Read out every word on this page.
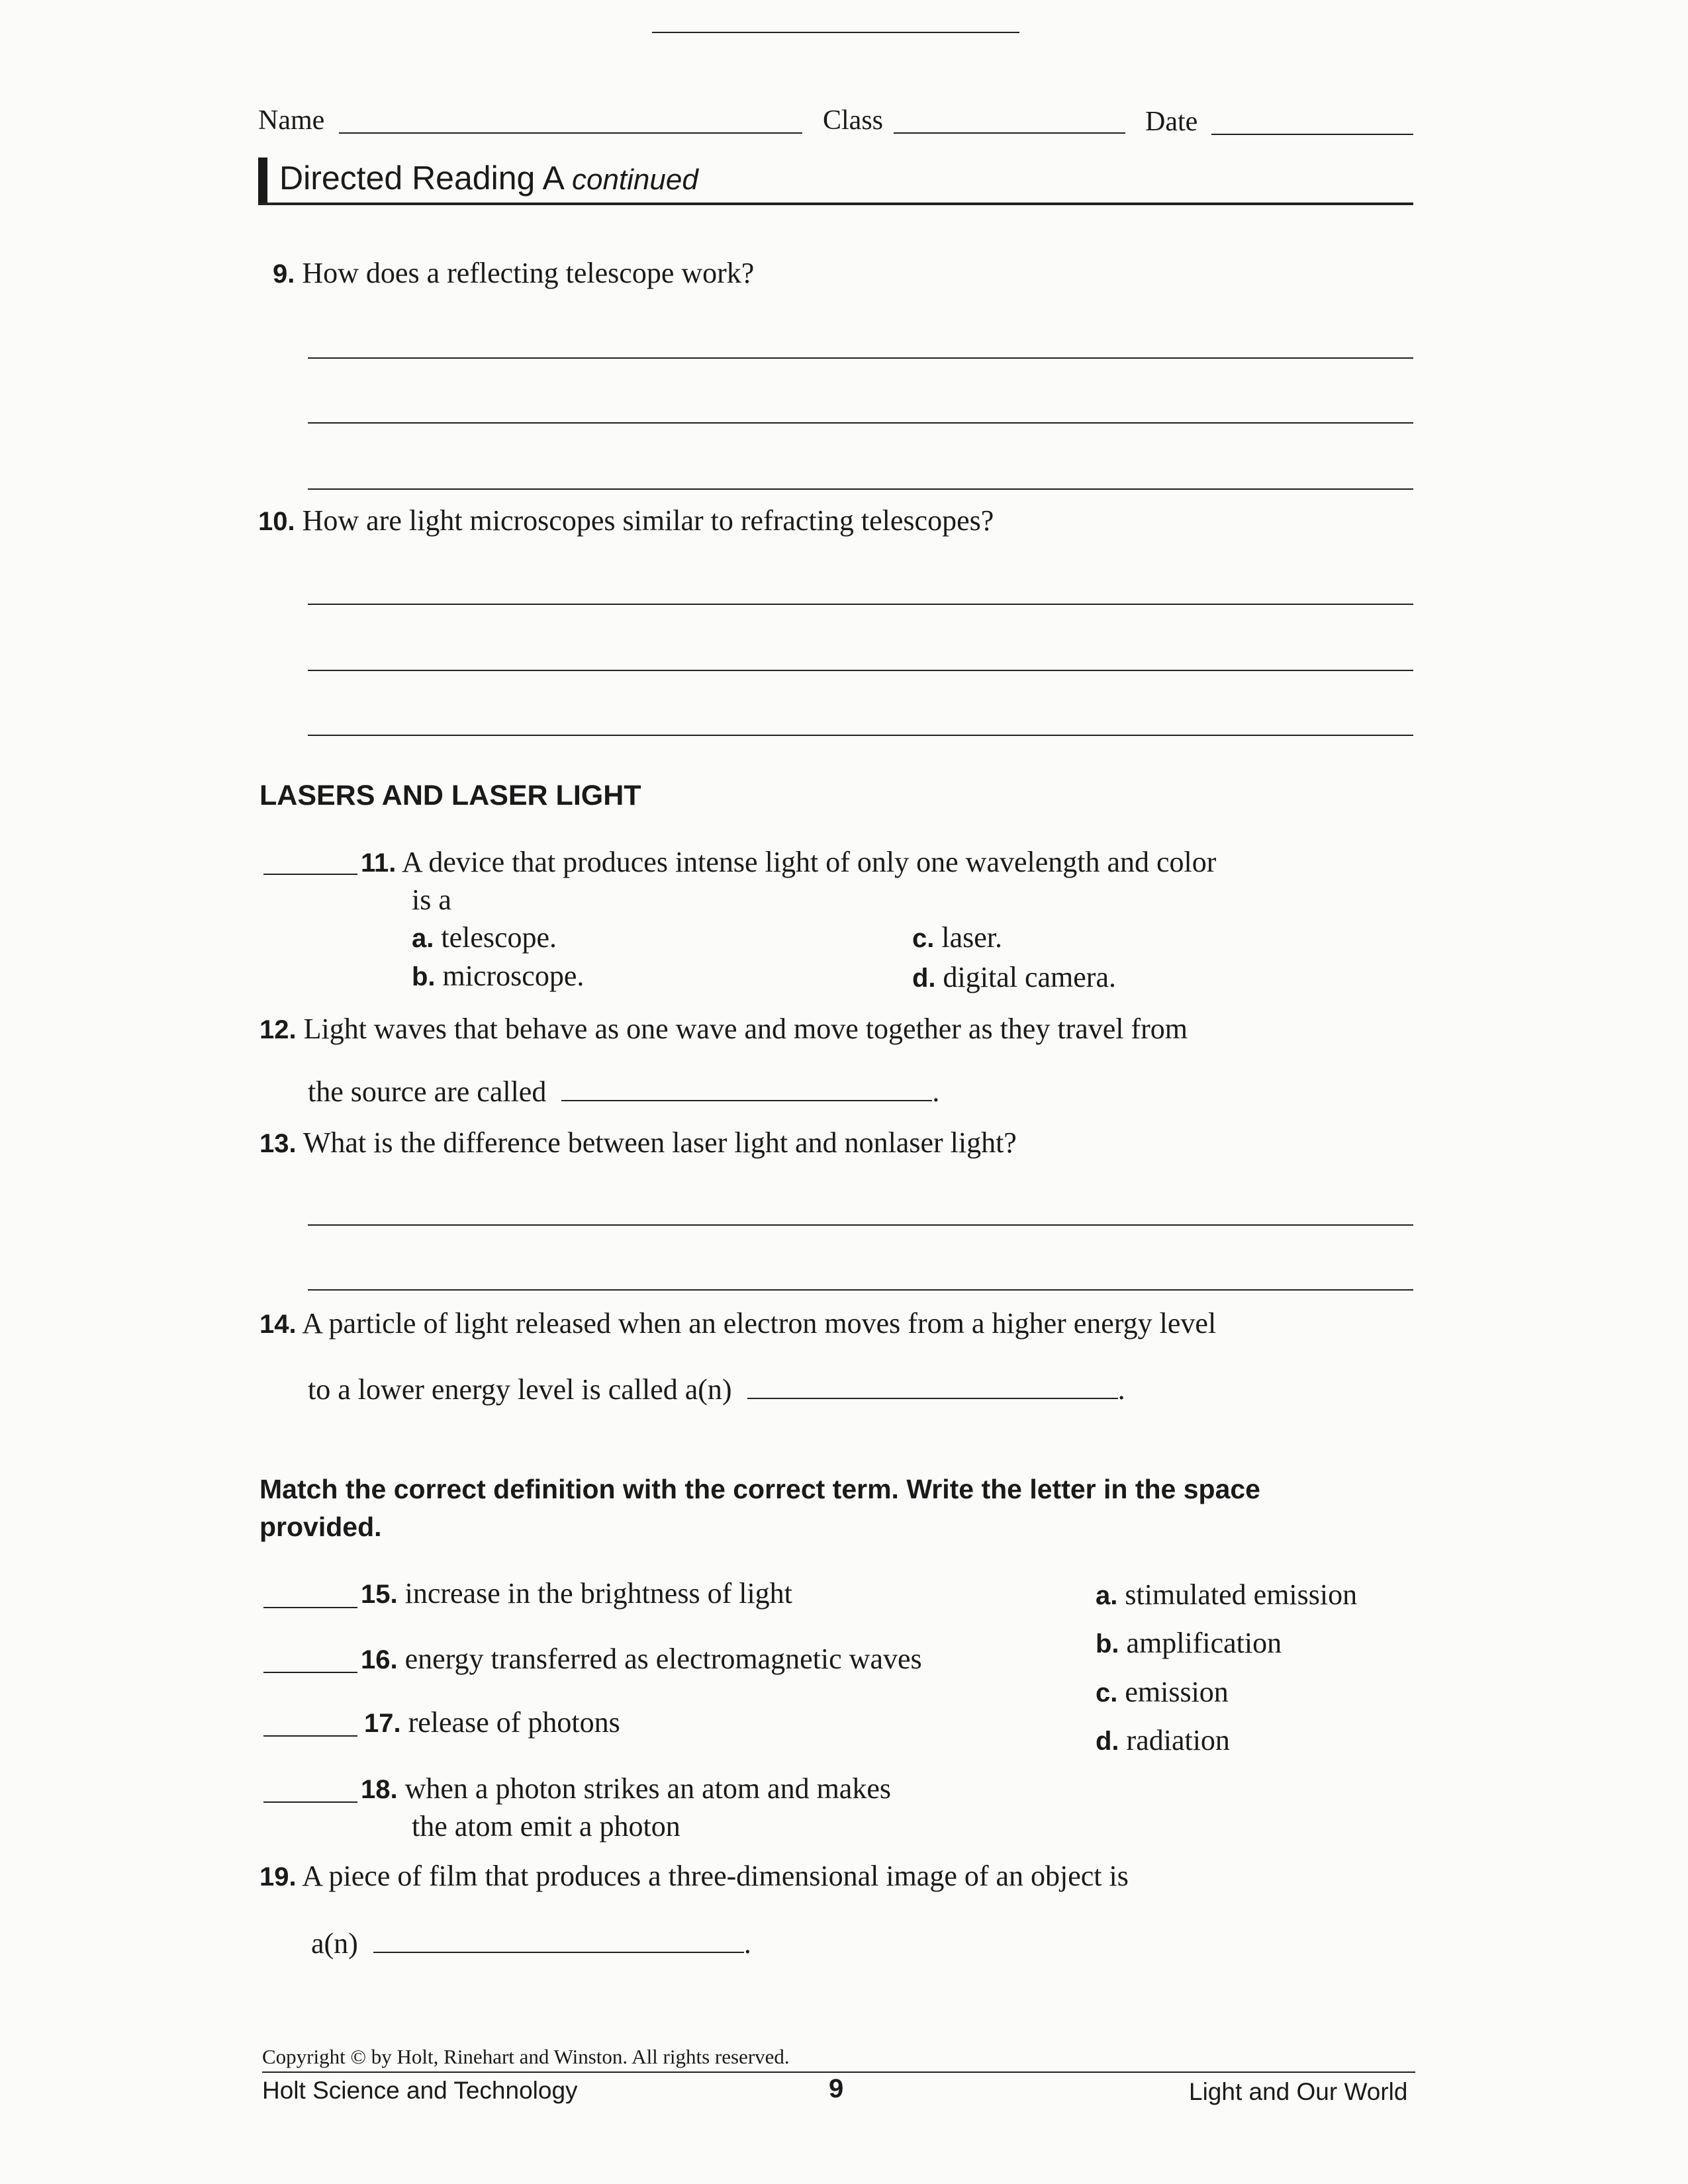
Name	Class	Date
Directed Reading A continued
9. How does a reflecting telescope work?
10. How are light microscopes similar to refracting telescopes?
LASERS AND LASER LIGHT
11. A device that produces intense light of only one wavelength and color
is a
a. telescope.
b. microscope.
c. laser.
d. digital camera.
12. Light waves that behave as one wave and move together as they travel from
the source are called	.
13. What is the difference between laser light and nonlaser light?
14. A particle of light released when an electron moves from a higher energy level
to a lower energy level is called a(n)	.
Match the correct definition with the correct term. Write the letter in the space provided.
15. increase in the brightness of light
16. energy transferred as electromagnetic waves
17. release of photons
18. when a photon strikes an atom and makes
the atom emit a photon
a. stimulated emission
b. amplification
c. emission
d. radiation
19. A piece of film that produces a three-dimensional image of an object is
a(n)	.
Copyright © by Holt, Rinehart and Winston. All rights reserved.
Holt Science and Technology	9	Light and Our World
